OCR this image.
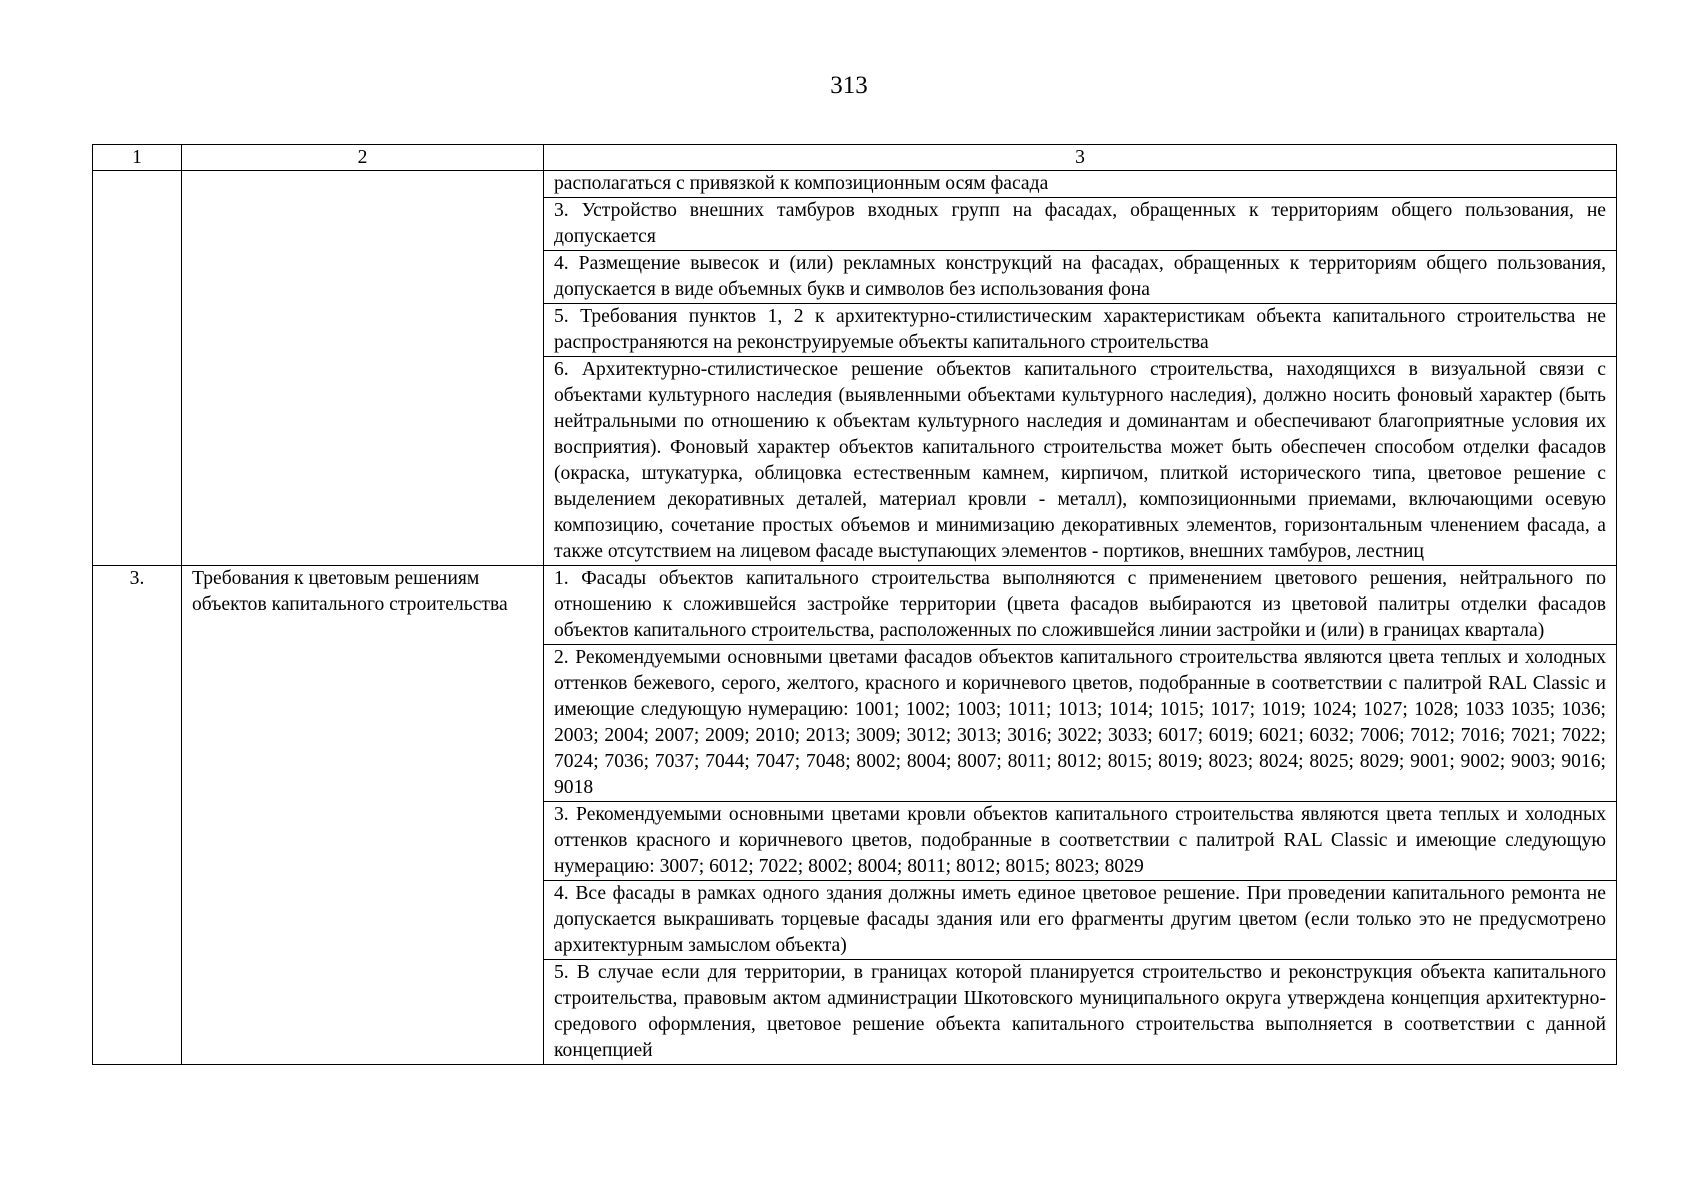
313
1	2	3
		располагаться с привязкой к композиционным осям фасада
		3. Устройство внешних тамбуров входных групп на фасадах, обращенных к территориям общего пользования, не допускается
		4. Размещение вывесок и (или) рекламных конструкций на фасадах, обращенных к территориям общего пользования, допускается в виде объемных букв и символов без использования фона
		5. Требования пунктов 1, 2 к архитектурно-стилистическим характеристикам объекта капитального строительства не распространяются на реконструируемые объекты капитального строительства
		6. Архитектурно-стилистическое решение объектов капитального строительства, находящихся в визуальной связи с объектами культурного наследия (выявленными объектами культурного наследия), должно носить фоновый характер (быть нейтральными по отношению к объектам культурного наследия и доминантам и обеспечивают благоприятные условия их восприятия). Фоновый характер объектов капитального строительства может быть обеспечен способом отделки фасадов (окраска, штукатурка, облицовка естественным камнем, кирпичом, плиткой исторического типа, цветовое решение с выделением декоративных деталей, материал кровли - металл), композиционными приемами, включающими осевую композицию, сочетание простых объемов и минимизацию декоративных элементов, горизонтальным членением фасада, а также отсутствием на лицевом фасаде выступающих элементов - портиков, внешних тамбуров, лестниц
3.	Требования к цветовым решениям объектов капитального строительства	1. Фасады объектов капитального строительства выполняются с применением цветового решения, нейтрального по отношению к сложившейся застройке территории (цвета фасадов выбираются из цветовой палитры отделки фасадов объектов капитального строительства, расположенных по сложившейся линии застройки и (или) в границах квартала)
		2. Рекомендуемыми основными цветами фасадов объектов капитального строительства являются цвета теплых и холодных оттенков бежевого, серого, желтого, красного и коричневого цветов, подобранные в соответствии с палитрой RAL Classic и имеющие следующую нумерацию: 1001; 1002; 1003; 1011; 1013; 1014; 1015; 1017; 1019; 1024; 1027; 1028; 1033 1035; 1036; 2003; 2004; 2007; 2009; 2010; 2013; 3009; 3012; 3013; 3016; 3022; 3033; 6017; 6019; 6021; 6032; 7006; 7012; 7016; 7021; 7022; 7024; 7036; 7037; 7044; 7047; 7048; 8002; 8004; 8007; 8011; 8012; 8015; 8019; 8023; 8024; 8025; 8029; 9001; 9002; 9003; 9016; 9018
		3. Рекомендуемыми основными цветами кровли объектов капитального строительства являются цвета теплых и холодных оттенков красного и коричневого цветов, подобранные в соответствии с палитрой RAL Classic и имеющие следующую нумерацию: 3007; 6012; 7022; 8002; 8004; 8011; 8012; 8015; 8023; 8029
		4. Все фасады в рамках одного здания должны иметь единое цветовое решение. При проведении капитального ремонта не допускается выкрашивать торцевые фасады здания или его фрагменты другим цветом (если только это не предусмотрено архитектурным замыслом объекта)
		5. В случае если для территории, в границах которой планируется строительство и реконструкция объекта капитального строительства, правовым актом администрации Шкотовского муниципального округа утверждена концепция архитектурно-средового оформления, цветовое решение объекта капитального строительства выполняется в соответствии с данной концепцией
